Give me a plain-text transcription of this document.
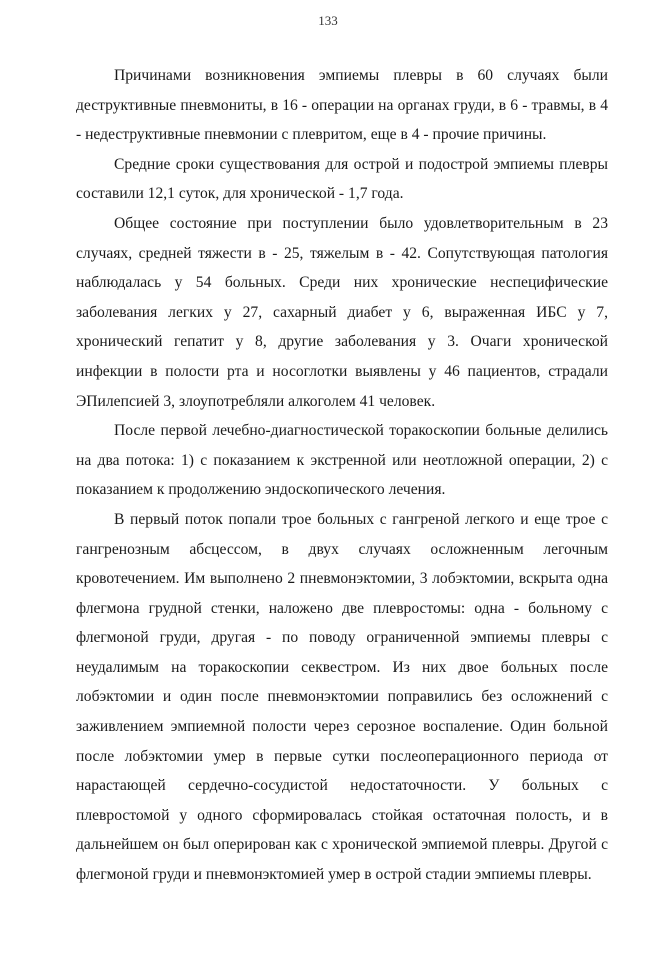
133

Причинами возникновения эмпиемы плевры в 60 случаях были деструктивные пневмониты, в 16 - операции на органах груди, в 6 - травмы, в 4 - недеструктивные пневмонии с плевритом, еще в 4 - прочие причины.

Средние сроки существования для острой и подострой эмпиемы плевры составили 12,1 суток, для хронической - 1,7 года.

Общее состояние при поступлении было удовлетворительным в 23 случаях, средней тяжести в - 25, тяжелым в - 42. Сопутствующая патология наблюдалась у 54 больных. Среди них хронические неспецифические заболевания легких у 27, сахарный диабет у 6, выраженная ИБС у 7, хронический гепатит у 8, другие заболевания у 3. Очаги хронической инфекции в полости рта и носоглотки выявлены у 46 пациентов, страдали ЭПилепсией 3, злоупотребляли алкоголем 41 человек.

После первой лечебно-диагностической торакоскопии больные делились на два потока: 1) с показанием к экстренной или неотложной операции, 2) с показанием к продолжению эндоскопического лечения.

В первый поток попали трое больных с гангреной легкого и еще трое с гангренозным абсцессом, в двух случаях осложненным легочным кровотечением. Им выполнено 2 пневмонэктомии, 3 лобэктомии, вскрыта одна флегмона грудной стенки, наложено две плевростомы: одна - больному с флегмоной груди, другая - по поводу ограниченной эмпиемы плевры с неудалимым на торакоскопии секвестром. Из них двое больных после лобэктомии и один после пневмонэктомии поправились без осложнений с заживлением эмпиемной полости через серозное воспаление. Один больной после лобэктомии умер в первые сутки послеоперационного периода от нарастающей сердечно-сосудистой недостаточности. У больных с плевростомой у одного сформировалась стойкая остаточная полость, и в дальнейшем он был оперирован как с хронической эмпиемой плевры. Другой с флегмоной груди и пневмонэктомией умер в острой стадии эмпиемы плевры.
